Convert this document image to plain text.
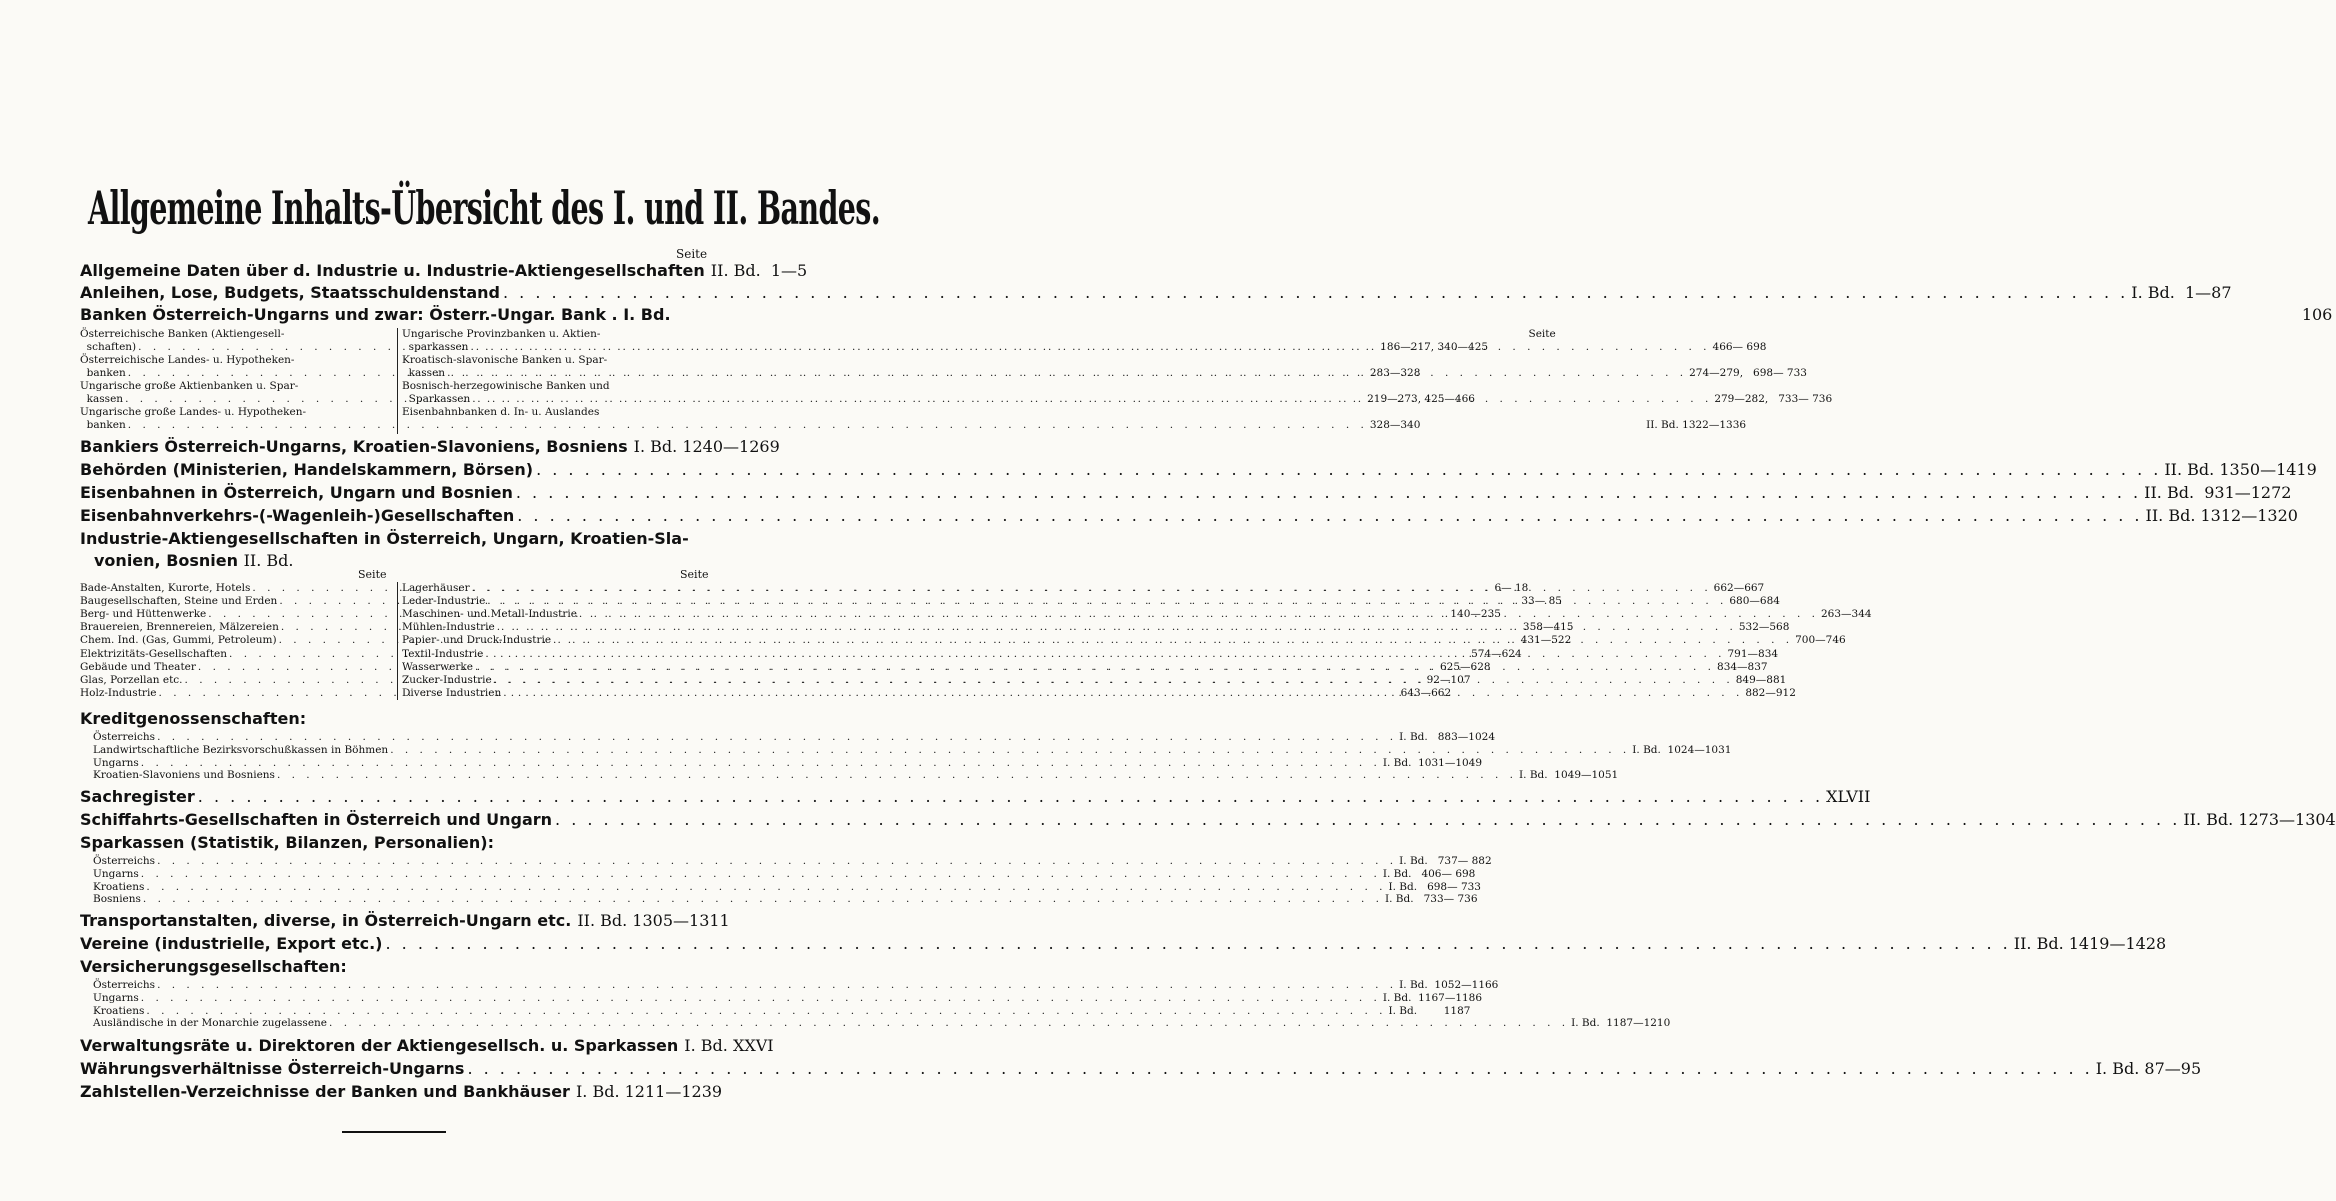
Allgemeine Inhalts-Übersicht des I. und II. Bandes.
Seite
Allgemeine Daten über d. Industrie u. Industrie-Aktiengesellschaften II. Bd.  1—5
Anleihen, Lose, Budgets, Staatsschuldenstand . . .	I. Bd.  1—87
Banken Österreich-Ungarns und zwar: Österr.-Ungar. Bank . I. Bd.	106
Österreichische Banken (Aktiengesell-	Seite
schaften) . . .	186—217, 340—425
Österreichische Landes- u. Hypotheken-
banken . . .	283—328
Ungarische große Aktienbanken u. Spar-
kassen . . .	219—273, 425—466
Ungarische große Landes- u. Hypotheken-
banken . . .	328—340
Ungarische Provinzbanken u. Aktien-
sparkassen . . .	466— 698
Kroatisch-slavonische Banken u. Spar-
kassen . . .	274—279,   698— 733
Bosnisch-herzegowinische Banken und
Sparkassen . . .	279—282,   733— 736
Eisenbahnbanken d. In- u. Auslandes
II. Bd. 1322—1336
Bankiers Österreich-Ungarns, Kroatien-Slavoniens, Bosniens I. Bd. 1240—1269
Behörden (Ministerien, Handelskammern, Börsen) . . .	II. Bd. 1350—1419
Eisenbahnen in Österreich, Ungarn und Bosnien . . .	II. Bd.  931—1272
Eisenbahnverkehrs-(-Wagenleih-)Gesellschaften . . .	II. Bd. 1312—1320
Industrie-Aktiengesellschaften in Österreich, Ungarn, Kroatien-Sla-
vonien, Bosnien II. Bd.
Seite	Seite
Bade-Anstalten, Kurorte, Hotels . . .	6— 18
Baugesellschaften, Steine und Erden . . .	33— 85
Berg- und Hüttenwerke . . .	140—235
Brauereien, Brennereien, Mälzereien . . .	358—415
Chem. Ind. (Gas, Gummi, Petroleum) . . .	431—522
Elektrizitäts-Gesellschaften . . .	574—624
Gebäude und Theater . . .	625—628
Glas, Porzellan etc. . . .	92—107
Holz-Industrie . . .	643—662
Lagerhäuser . . .	662—667
Leder-Industrie . . .	680—684
Maschinen- und Metall-Industrie . . .	263—344
Mühlen-Industrie . . .	532—568
Papier- und Druck-Industrie . . .	700—746
Textil-Industrie . . .	791—834
Wasserwerke . . .	834—837
Zucker-Industrie . . .	849—881
Diverse Industrien . . .	882—912
Kreditgenossenschaften:
Österreichs . . .	I. Bd.   883—1024
Landwirtschaftliche Bezirksvorschußkassen in Böhmen . . .	I. Bd.  1024—1031
Ungarns . . .	I. Bd.  1031—1049
Kroatien-Slavoniens und Bosniens . . .	I. Bd.  1049—1051
Sachregister . . .	XLVII
Schiffahrts-Gesellschaften in Österreich und Ungarn . . .	II. Bd. 1273—1304
Sparkassen (Statistik, Bilanzen, Personalien):
Österreichs . . .	I. Bd.   737— 882
Ungarns . . .	I. Bd.   406— 698
Kroatiens . . .	I. Bd.   698— 733
Bosniens . . .	I. Bd.   733— 736
Transportanstalten, diverse, in Österreich-Ungarn etc. II. Bd. 1305—1311
Vereine (industrielle, Export etc.) . . .	II. Bd. 1419—1428
Versicherungsgesellschaften:
Österreichs . . .	I. Bd.  1052—1166
Ungarns . . .	I. Bd.  1167—1186
Kroatiens . . .	I. Bd.        1187
Ausländische in der Monarchie zugelassene . . .	I. Bd.  1187—1210
Verwaltungsräte u. Direktoren der Aktiengesellsch. u. Sparkassen I. Bd. XXVI
Währungsverhältnisse Österreich-Ungarns . . .	I. Bd. 87—95
Zahlstellen-Verzeichnisse der Banken und Bankhäuser I. Bd. 1211—1239
